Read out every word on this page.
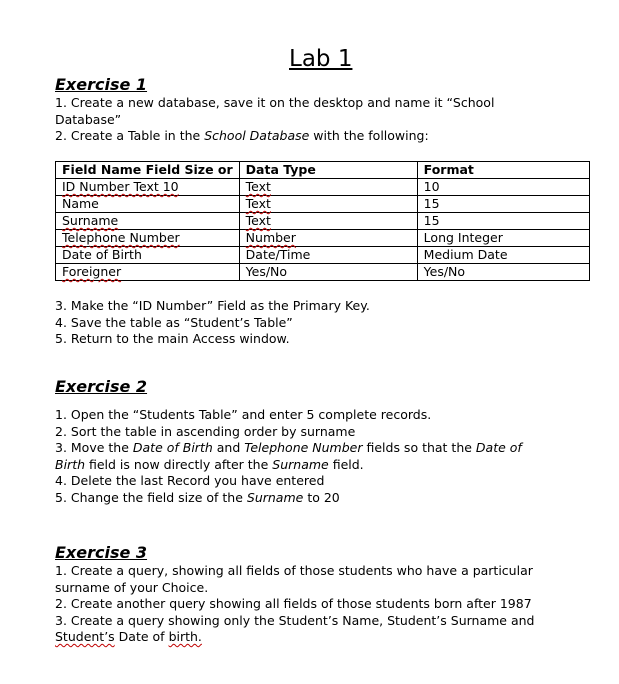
Lab 1
Exercise 1

1. Create a new database, save it on the desktop and name it “School Database”

2. Create a Table in the School Database with the following:

Field Name Field Size or	Data Type	Format
ID Number Text 10	Text	10
Name	Text	15
Surname	Text	15
Telephone Number	Number	Long Integer
Date of Birth	Date/Time	Medium Date
Foreigner	Yes/No	Yes/No

3. Make the “ID Number” Field as the Primary Key.

4. Save the table as “Student’s Table”

5. Return to the main Access window.

Exercise 2

1. Open the “Students Table” and enter 5 complete records.

2. Sort the table in ascending order by surname

3. Move the Date of Birth and Telephone Number fields so that the Date of Birth field is now directly after the Surname field.

4. Delete the last Record you have entered

5. Change the field size of the Surname to 20

Exercise 3

1. Create a query, showing all fields of those students who have a particular surname of your Choice.

2. Create another query showing all fields of those students born after 1987

3. Create a query showing only the Student’s Name, Student’s Surname and Student’s Date of birth.
